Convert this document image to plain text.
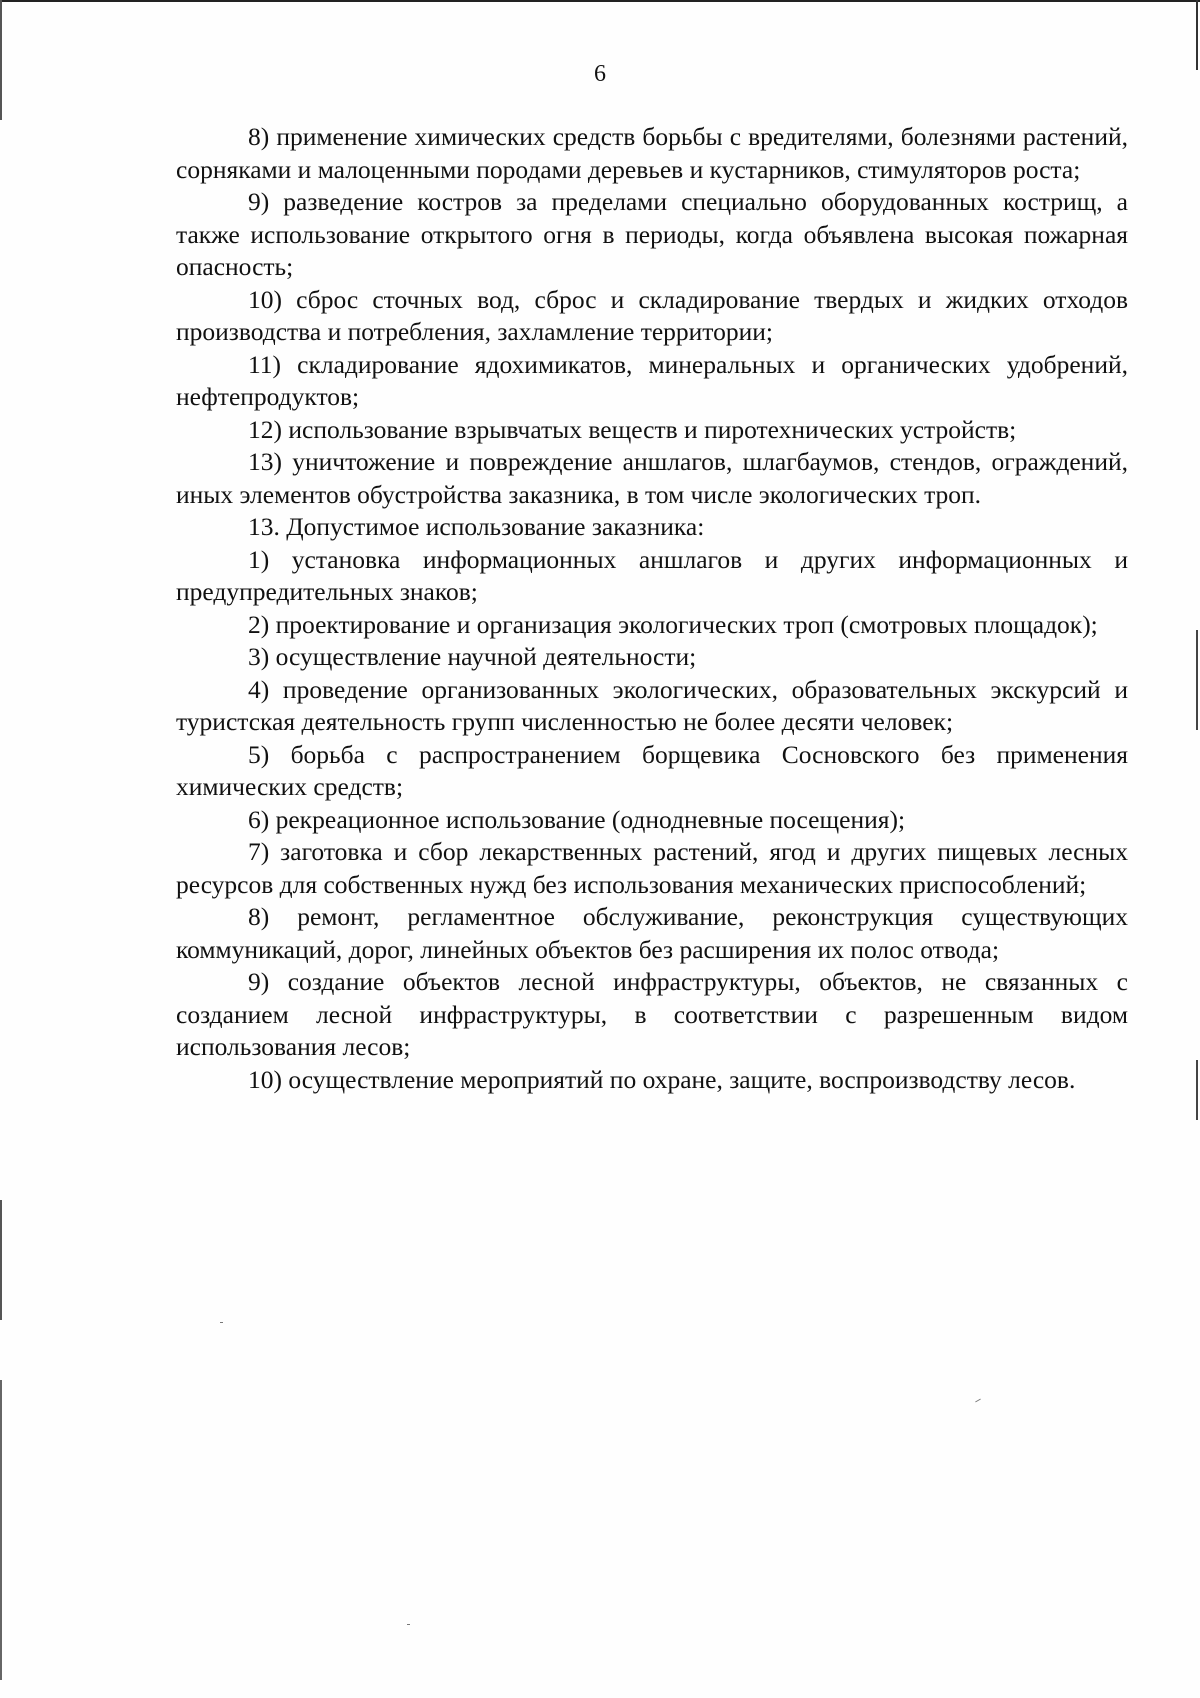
6

8) применение химических средств борьбы с вредителями, болезнями растений, сорняками и малоценными породами деревьев и кустарников, стимуляторов роста;

9) разведение костров за пределами специально оборудованных кострищ, а также использование открытого огня в периоды, когда объявлена высокая пожарная опасность;

10) сброс сточных вод, сброс и складирование твердых и жидких отходов производства и потребления, захламление территории;

11) складирование ядохимикатов, минеральных и органических удобрений, нефтепродуктов;

12) использование взрывчатых веществ и пиротехнических устройств;

13) уничтожение и повреждение аншлагов, шлагбаумов, стендов, ограждений, иных элементов обустройства заказника, в том числе экологических троп.

13. Допустимое использование заказника:

1) установка информационных аншлагов и других информационных и предупредительных знаков;

2) проектирование и организация экологических троп (смотровых площадок);

3) осуществление научной деятельности;

4) проведение организованных экологических, образовательных экскурсий и туристская деятельность групп численностью не более десяти человек;

5) борьба с распространением борщевика Сосновского без применения химических средств;

6) рекреационное использование (однодневные посещения);

7) заготовка и сбор лекарственных растений, ягод и других пищевых лесных ресурсов для собственных нужд без использования механических приспособлений;

8) ремонт, регламентное обслуживание, реконструкция существующих коммуникаций, дорог, линейных объектов без расширения их полос отвода;

9) создание объектов лесной инфраструктуры, объектов, не связанных с созданием лесной инфраструктуры, в соответствии с разрешенным видом использования лесов;

10) осуществление мероприятий по охране, защите, воспроизводству лесов.
